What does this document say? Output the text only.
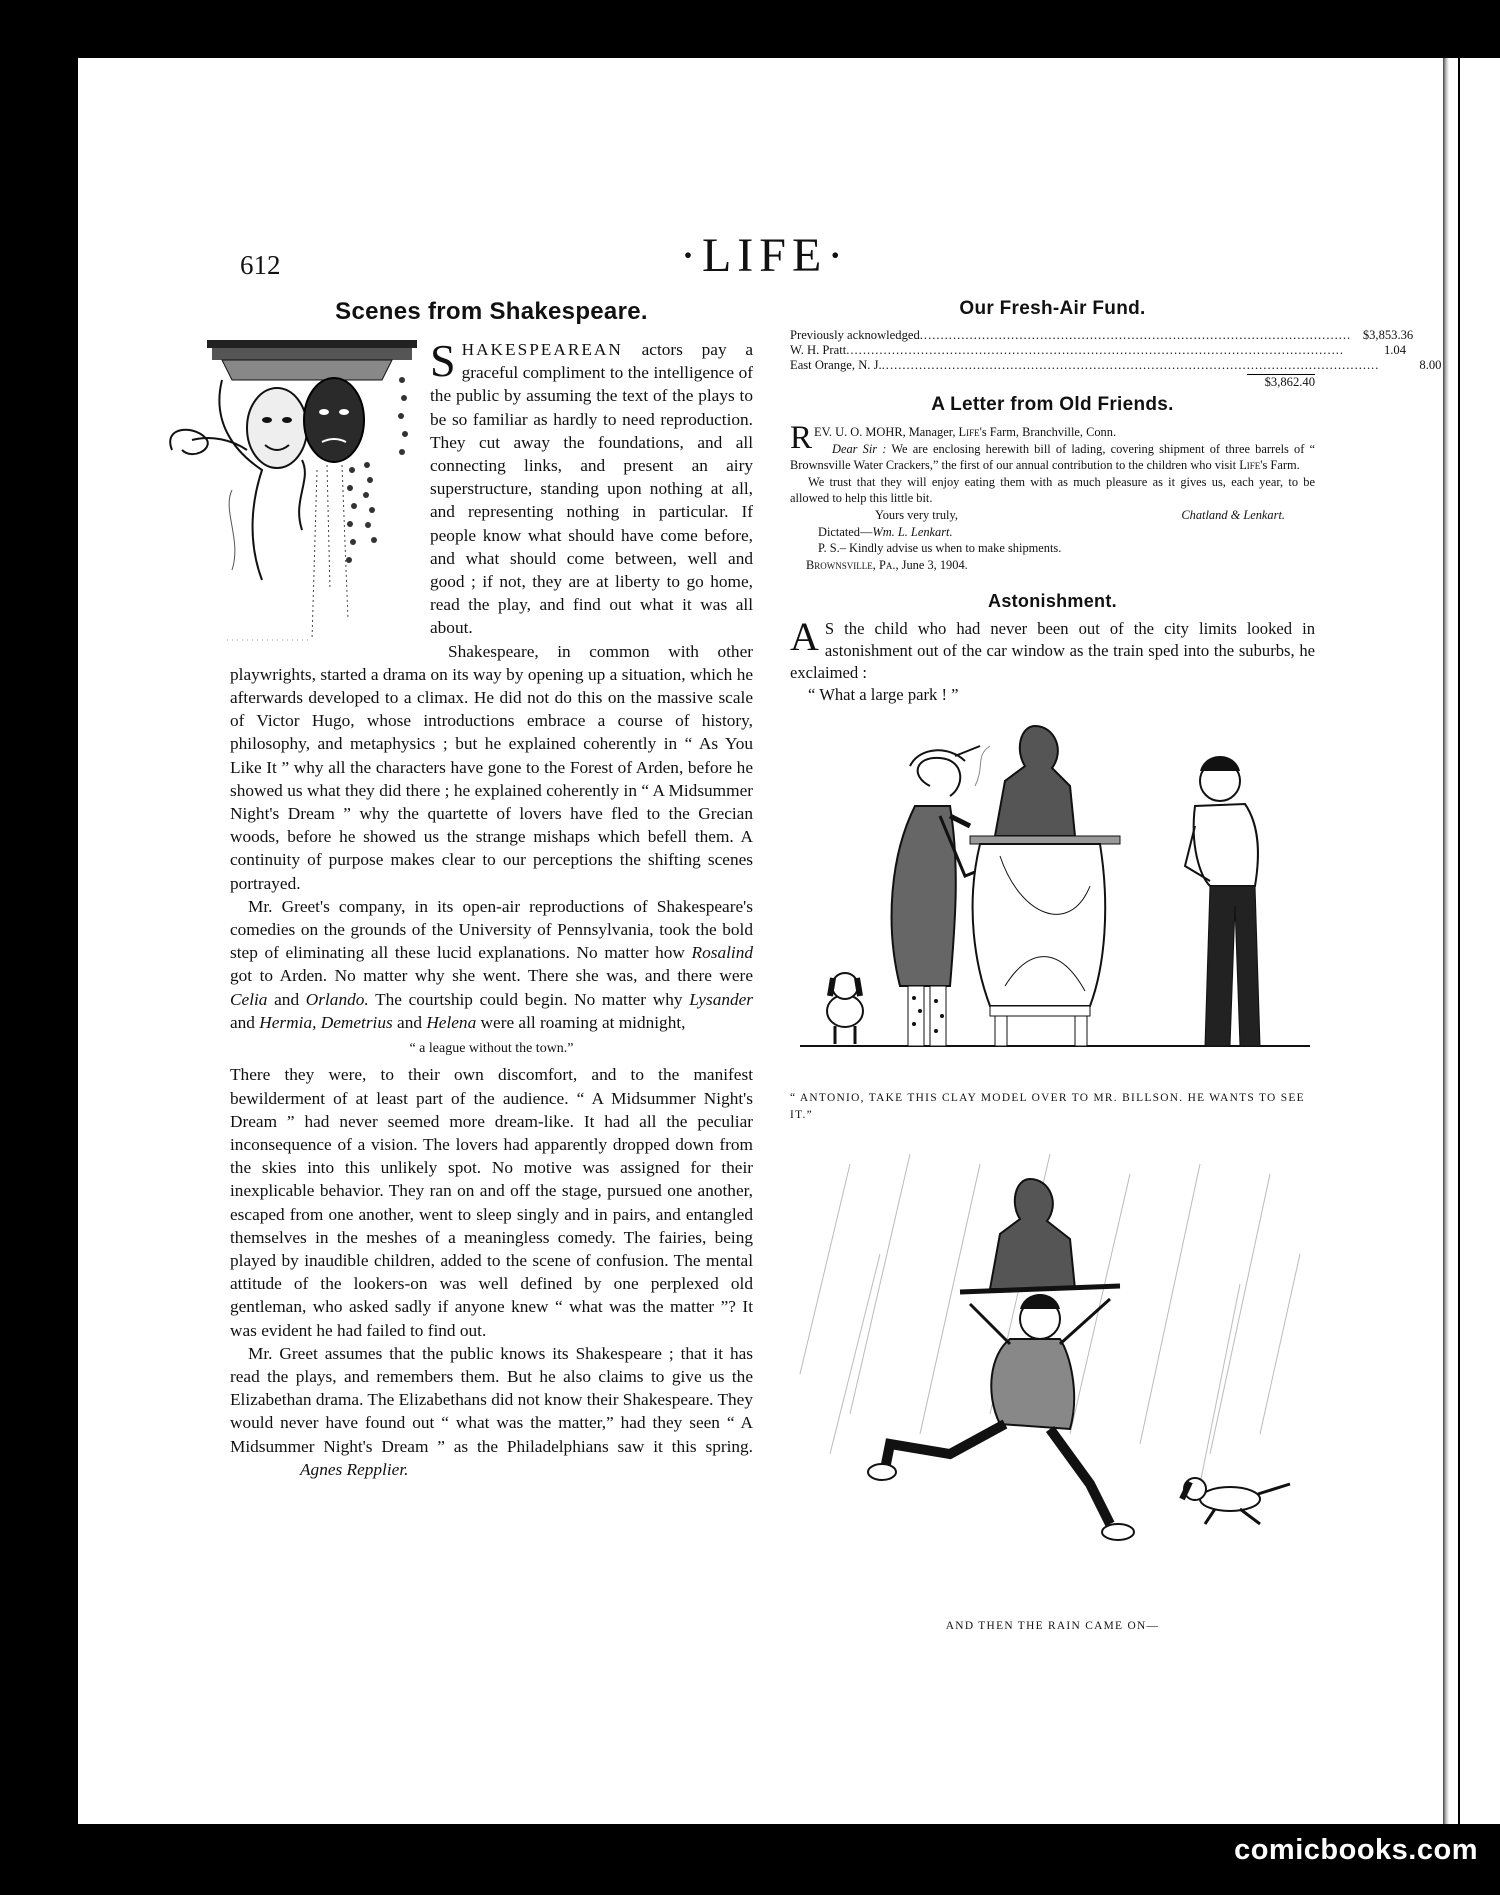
612	·LIFE·
Scenes from Shakespeare.

SHAKESPEAREAN actors pay a graceful compliment to the intelligence of the public by assuming the text of the plays to be so familiar as hardly to need reproduction. They cut away the foundations, and all connecting links, and present an airy superstructure, standing upon nothing at all, and representing nothing in particular. If people know what should have come before, and what should come between, well and good ; if not, they are at liberty to go home, read the play, and find out what it was all about.

Shakespeare, in common with other playwrights, started a drama on its way by opening up a situation, which he afterwards developed to a climax. He did not do this on the massive scale of Victor Hugo, whose introductions embrace a course of history, philosophy, and metaphysics ; but he explained coherently in “ As You Like It ” why all the characters have gone to the Forest of Arden, before he showed us what they did there ; he explained coherently in “ A Midsummer Night's Dream ” why the quartette of lovers have fled to the Grecian woods, before he showed us the strange mishaps which befell them. A continuity of purpose makes clear to our perceptions the shifting scenes portrayed.

Mr. Greet's company, in its open-air reproductions of Shakespeare's comedies on the grounds of the University of Pennsylvania, took the bold step of eliminating all these lucid explanations. No matter how Rosalind got to Arden. No matter why she went. There she was, and there were Celia and Orlando. The courtship could begin. No matter why Lysander and Hermia, Demetrius and Helena were all roaming at midnight,

“ a league without the town.”

There they were, to their own discomfort, and to the manifest bewilderment of at least part of the audience. “ A Midsummer Night's Dream ” had never seemed more dream-like. It had all the peculiar inconsequence of a vision. The lovers had apparently dropped down from the skies into this unlikely spot. No motive was assigned for their inexplicable behavior. They ran on and off the stage, pursued one another, escaped from one another, went to sleep singly and in pairs, and entangled themselves in the meshes of a meaningless comedy. The fairies, being played by inaudible children, added to the scene of confusion. The mental attitude of the lookers-on was well defined by one perplexed old gentleman, who asked sadly if anyone knew “ what was the matter ”? It was evident he had failed to find out.

Mr. Greet assumes that the public knows its Shakespeare ; that it has read the plays, and remembers them. But he also claims to give us the Elizabethan drama. The Elizabethans did not know their Shakespeare. They would never have found out “ what was the matter,” had they seen “ A Midsummer Night's Dream ” as the Philadelphians saw it this spring.Agnes Repplier.

Our Fresh-Air Fund.
Previously acknowledged ........................................................................................................ $3,853.36
W. H. Pratt ........................................................................................................................	1.04
East Orange, N. J. ........................................................................................................................	8.00
$3,862.40
A Letter from Old Friends.

REV. U. O. MOHR, Manager, Life's Farm, Branchville, Conn.

Dear Sir : We are enclosing herewith bill of lading, covering shipment of three barrels of “ Brownsville Water Crackers,” the first of our annual contribution to the children who visit Life's Farm.

We trust that they will enjoy eating them with as much pleasure as it gives us, each year, to be allowed to help this little bit.

Yours very truly,	Chatland & Lenkart.

Dictated—Wm. L. Lenkart.

P. S.– Kindly advise us when to make shipments.

Brownsville, Pa., June 3, 1904.

Astonishment.

A S the child who had never been out of the city limits looked in astonishment out of the car window as the train sped into the suburbs, he exclaimed :

“ What a large park ! ”

“ ANTONIO, TAKE THIS CLAY MODEL OVER TO MR. BILLSON. HE WANTS TO SEE IT.”
AND THEN THE RAIN CAME ON—
comicbooks.com
